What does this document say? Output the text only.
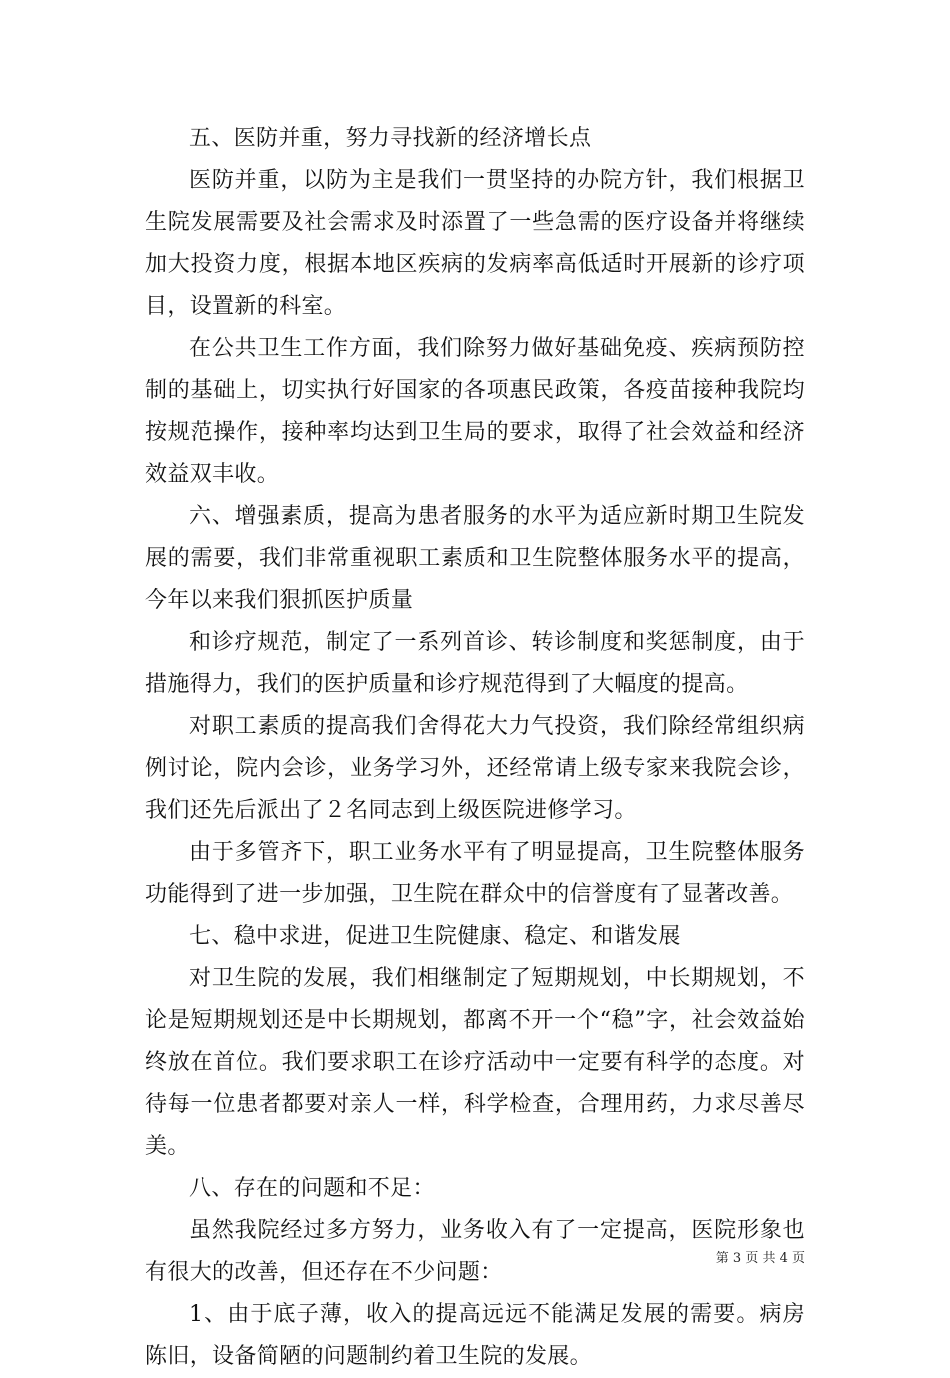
五、医防并重，努力寻找新的经济增长点

医防并重，以防为主是我们一贯坚持的办院方针，我们根据卫生院发展需要及社会需求及时添置了一些急需的医疗设备并将继续加大投资力度，根据本地区疾病的发病率高低适时开展新的诊疗项目，设置新的科室。

在公共卫生工作方面，我们除努力做好基础免疫、疾病预防控制的基础上，切实执行好国家的各项惠民政策，各疫苗接种我院均按规范操作，接种率均达到卫生局的要求，取得了社会效益和经济效益双丰收。

六、增强素质，提高为患者服务的水平为适应新时期卫生院发展的需要，我们非常重视职工素质和卫生院整体服务水平的提高，今年以来我们狠抓医护质量

和诊疗规范，制定了一系列首诊、转诊制度和奖惩制度，由于措施得力，我们的医护质量和诊疗规范得到了大幅度的提高。

对职工素质的提高我们舍得花大力气投资，我们除经常组织病例讨论，院内会诊，业务学习外，还经常请上级专家来我院会诊，我们还先后派出了２名同志到上级医院进修学习。

由于多管齐下，职工业务水平有了明显提高，卫生院整体服务功能得到了进一步加强，卫生院在群众中的信誉度有了显著改善。

七、稳中求进，促进卫生院健康、稳定、和谐发展

对卫生院的发展，我们相继制定了短期规划，中长期规划，不论是短期规划还是中长期规划，都离不开一个“稳”字，社会效益始终放在首位。我们要求职工在诊疗活动中一定要有科学的态度。对待每一位患者都要对亲人一样，科学检查，合理用药，力求尽善尽美。

八、存在的问题和不足：

虽然我院经过多方努力，业务收入有了一定提高，医院形象也有很大的改善，但还存在不少问题：

1、由于底子薄，收入的提高远远不能满足发展的需要。病房陈旧，设备简陋的问题制约着卫生院的发展。

第 3 页 共 4 页
